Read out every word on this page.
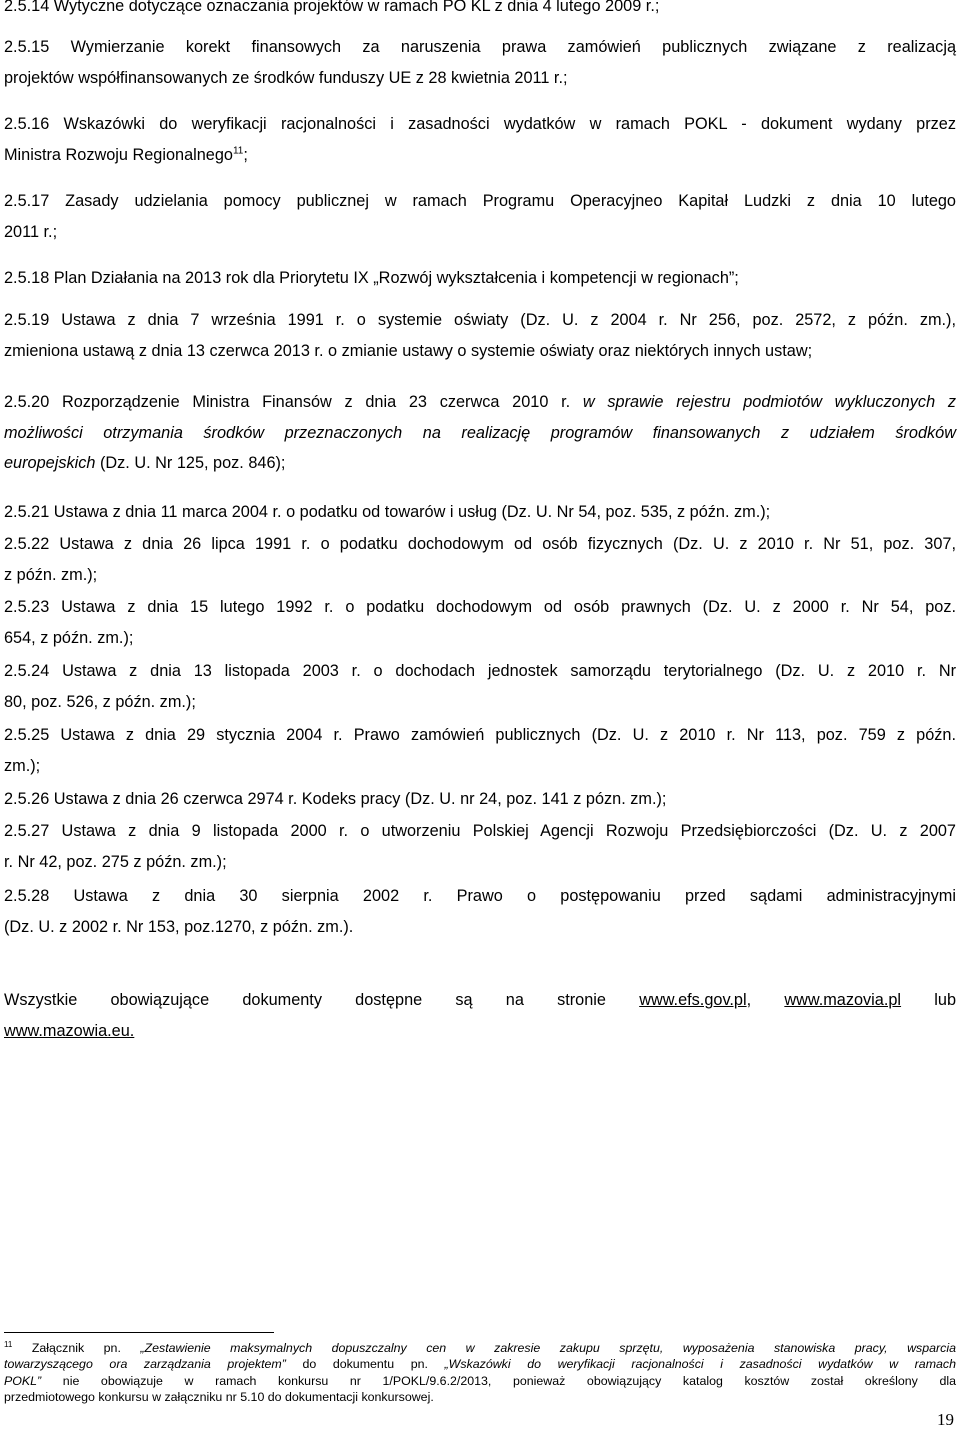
2.5.14 Wytyczne dotyczące oznaczania projektów w ramach PO KL z dnia 4 lutego 2009 r.;

2.5.15 Wymierzanie korekt finansowych za naruszenia prawa zamówień publicznych związane z realizacją
projektów współfinansowanych ze środków funduszy UE z 28 kwietnia 2011 r.;

2.5.16 Wskazówki do weryfikacji racjonalności i zasadności wydatków w ramach POKL - dokument wydany przez
Ministra Rozwoju Regionalnego$^{11}$;

2.5.17 Zasady udzielania pomocy publicznej w ramach Programu Operacyjneo Kapitał Ludzki z dnia 10 lutego
2011 r.;

2.5.18 Plan Działania na 2013 rok dla Priorytetu IX „Rozwój wykształcenia i kompetencji w regionach”;

2.5.19 Ustawa z dnia 7 września 1991 r. o systemie oświaty (Dz. U. z 2004 r. Nr 256, poz. 2572, z późn. zm.),
zmieniona ustawą z dnia 13 czerwca 2013 r. o zmianie ustawy o systemie oświaty oraz niektórych innych ustaw;

2.5.20 Rozporządzenie Ministra Finansów z dnia 23 czerwca 2010 r. w sprawie rejestru podmiotów wykluczonych z
możliwości otrzymania środków przeznaczonych na realizację programów finansowanych z udziałem środków
europejskich (Dz. U. Nr 125, poz. 846);

2.5.21 Ustawa z dnia 11 marca 2004 r. o podatku od towarów i usług (Dz. U. Nr 54, poz. 535, z późn. zm.);

2.5.22 Ustawa z dnia 26 lipca 1991 r. o podatku dochodowym od osób fizycznych (Dz. U. z 2010 r. Nr 51, poz. 307,
z późn. zm.);

2.5.23 Ustawa z dnia 15 lutego 1992 r. o podatku dochodowym od osób prawnych (Dz. U. z 2000 r. Nr 54, poz.
654, z późn. zm.);

2.5.24 Ustawa z dnia 13 listopada 2003 r. o dochodach jednostek samorządu terytorialnego (Dz. U. z 2010 r. Nr
80, poz. 526, z późn. zm.);

2.5.25 Ustawa z dnia 29 stycznia 2004 r. Prawo zamówień publicznych (Dz. U. z 2010 r. Nr 113, poz. 759 z późn.
zm.);

2.5.26 Ustawa z dnia 26 czerwca 2974 r. Kodeks pracy (Dz. U. nr 24, poz. 141 z pózn. zm.);

2.5.27 Ustawa z dnia 9 listopada 2000 r. o utworzeniu Polskiej Agencji Rozwoju Przedsiębiorczości (Dz. U. z 2007
r. Nr 42, poz. 275 z późn. zm.);

2.5.28 Ustawa z dnia 30 sierpnia 2002 r. Prawo o postępowaniu przed sądami administracyjnymi
(Dz. U. z 2002 r. Nr 153, poz.1270, z późn. zm.).

Wszystkie obowiązujące dokumenty dostępne są na stronie www.efs.gov.pl, www.mazovia.pl lub
www.mazowia.eu.

$^{11}$ Załącznik pn. „Zestawienie maksymalnych dopuszczalny cen w zakresie zakupu sprzętu, wyposażenia stanowiska pracy, wsparcia
towarzyszącego ora zarządzania projektem” do dokumentu pn. „Wskazówki do weryfikacji racjonalności i zasadności wydatków w ramach
POKL” nie obowiązuje w ramach konkursu nr 1/POKL/9.6.2/2013, ponieważ obowiązujący katalog kosztów został określony dla
przedmiotowego konkursu w załączniku nr 5.10 do dokumentacji konkursowej.
19
